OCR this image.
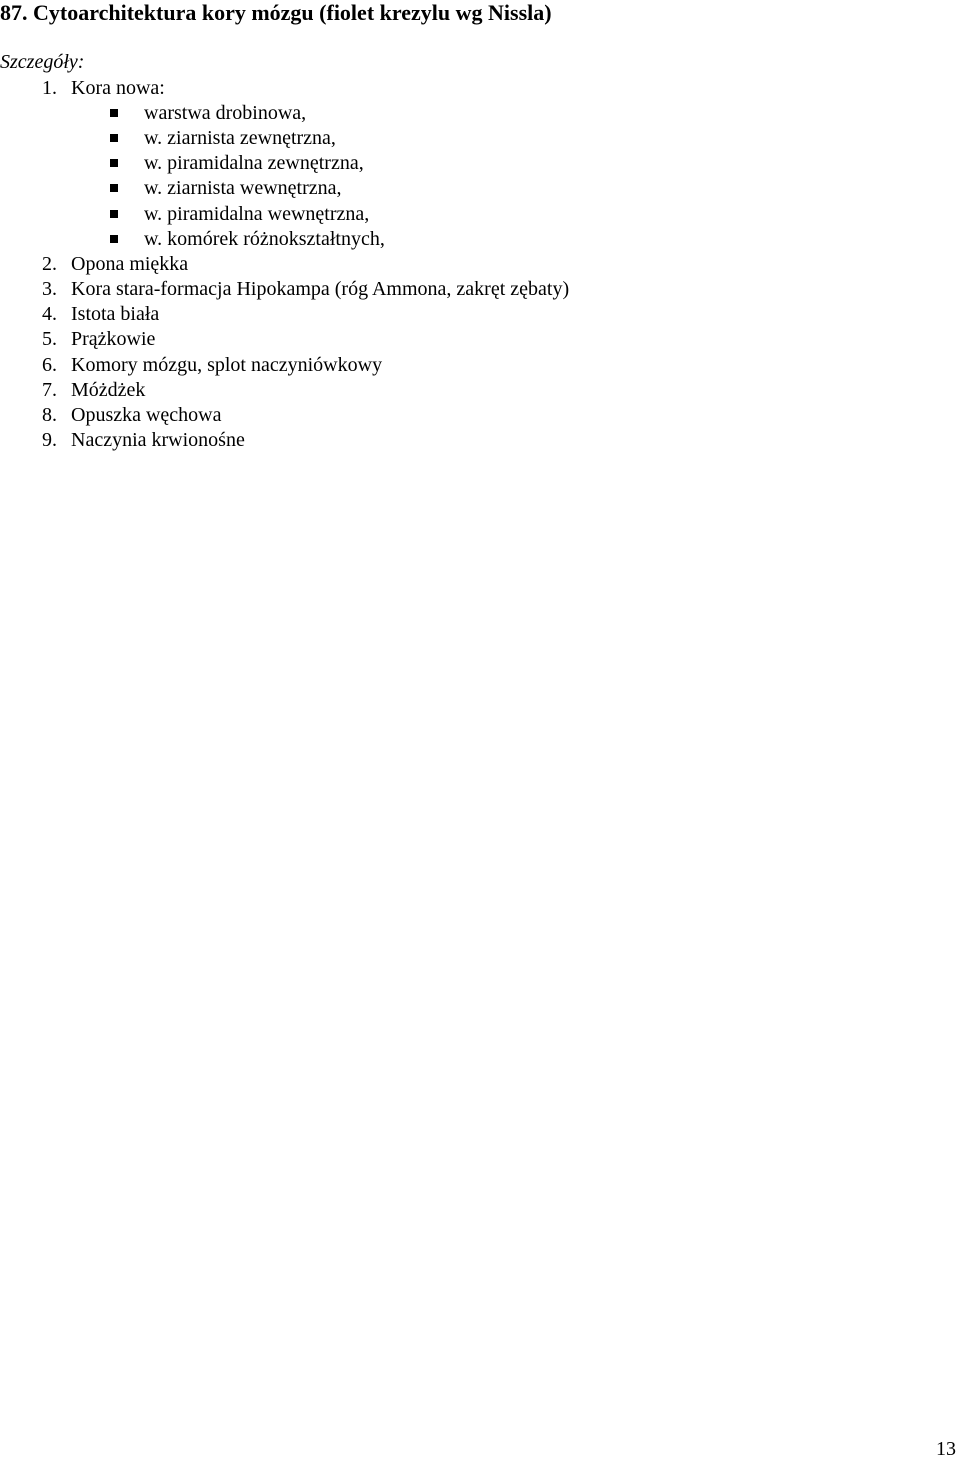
87. Cytoarchitektura kory mózgu (fiolet krezylu wg Nissla)
Szczegóły:
1. Kora nowa:
warstwa drobinowa,
w. ziarnista zewnętrzna,
w. piramidalna zewnętrzna,
w. ziarnista wewnętrzna,
w. piramidalna wewnętrzna,
w. komórek różnokształtnych,
2. Opona miękka
3. Kora stara-formacja Hipokampa (róg Ammona, zakręt zębaty)
4. Istota biała
5. Prążkowie
6. Komory mózgu, splot naczyniówkowy
7. Móżdżek
8. Opuszka węchowa
9. Naczynia krwionośne
13
